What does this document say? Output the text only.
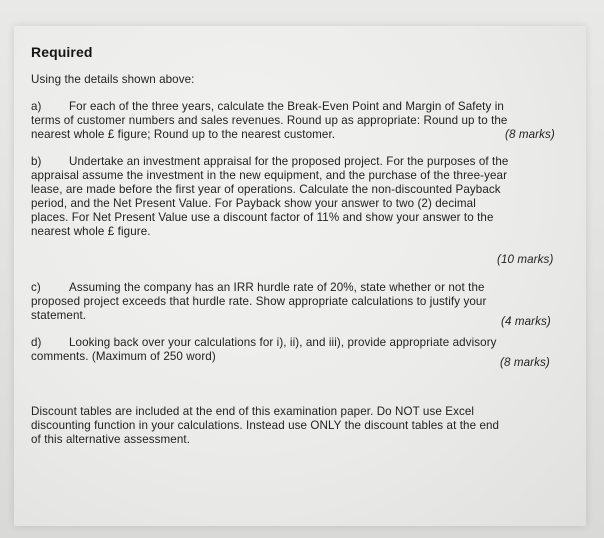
Required
Using the details shown above:
a) For each of the three years, calculate the Break-Even Point and Margin of Safety in
terms of customer numbers and sales revenues. Round up as appropriate: Round up to the
nearest whole £ figure; Round up to the nearest customer.	(8 marks)
b) Undertake an investment appraisal for the proposed project. For the purposes of the
appraisal assume the investment in the new equipment, and the purchase of the three-year
lease, are made before the first year of operations. Calculate the non-discounted Payback
period, and the Net Present Value. For Payback show your answer to two (2) decimal
places. For Net Present Value use a discount factor of 11% and show your answer to the
nearest whole £ figure.
(10 marks)
c) Assuming the company has an IRR hurdle rate of 20%, state whether or not the
proposed project exceeds that hurdle rate. Show appropriate calculations to justify your
statement.	(4 marks)
d) Looking back over your calculations for i), ii), and iii), provide appropriate advisory
comments. (Maximum of 250 word)	(8 marks)
Discount tables are included at the end of this examination paper. Do NOT use Excel
discounting function in your calculations. Instead use ONLY the discount tables at the end
of this alternative assessment.
